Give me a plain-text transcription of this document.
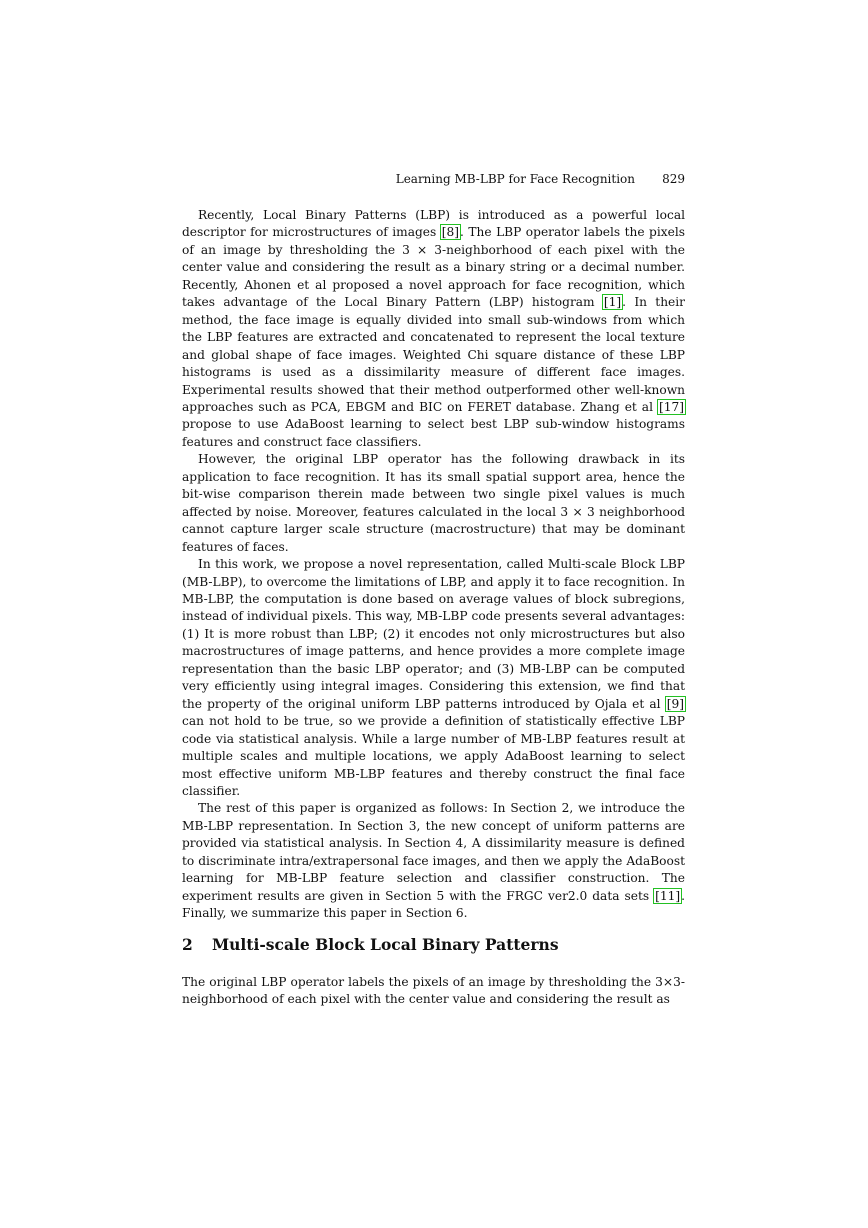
Learning MB-LBP for Face Recognition 829

Recently, Local Binary Patterns (LBP) is introduced as a powerful local descriptor for microstructures of images [8]. The LBP operator labels the pixels of an image by thresholding the 3 × 3-neighborhood of each pixel with the center value and considering the result as a binary string or a decimal number. Recently, Ahonen et al proposed a novel approach for face recognition, which takes advantage of the Local Binary Pattern (LBP) histogram [1]. In their method, the face image is equally divided into small sub-windows from which the LBP features are extracted and concatenated to represent the local texture and global shape of face images. Weighted Chi square distance of these LBP histograms is used as a dissimilarity measure of different face images. Experimental results showed that their method outperformed other well-known approaches such as PCA, EBGM and BIC on FERET database. Zhang et al [17] propose to use AdaBoost learning to select best LBP sub-window histograms features and construct face classifiers.

However, the original LBP operator has the following drawback in its application to face recognition. It has its small spatial support area, hence the bit-wise comparison therein made between two single pixel values is much affected by noise. Moreover, features calculated in the local 3 × 3 neighborhood cannot capture larger scale structure (macrostructure) that may be dominant features of faces.

In this work, we propose a novel representation, called Multi-scale Block LBP (MB-LBP), to overcome the limitations of LBP, and apply it to face recognition. In MB-LBP, the computation is done based on average values of block subregions, instead of individual pixels. This way, MB-LBP code presents several advantages: (1) It is more robust than LBP; (2) it encodes not only microstructures but also macrostructures of image patterns, and hence provides a more complete image representation than the basic LBP operator; and (3) MB-LBP can be computed very efficiently using integral images. Considering this extension, we find that the property of the original uniform LBP patterns introduced by Ojala et al [9] can not hold to be true, so we provide a definition of statistically effective LBP code via statistical analysis. While a large number of MB-LBP features result at multiple scales and multiple locations, we apply AdaBoost learning to select most effective uniform MB-LBP features and thereby construct the final face classifier.

The rest of this paper is organized as follows: In Section 2, we introduce the MB-LBP representation. In Section 3, the new concept of uniform patterns are provided via statistical analysis. In Section 4, A dissimilarity measure is defined to discriminate intra/extrapersonal face images, and then we apply the AdaBoost learning for MB-LBP feature selection and classifier construction. The experiment results are given in Section 5 with the FRGC ver2.0 data sets [11]. Finally, we summarize this paper in Section 6.

2 Multi-scale Block Local Binary Patterns

The original LBP operator labels the pixels of an image by thresholding the 3×3-neighborhood of each pixel with the center value and considering the result as
